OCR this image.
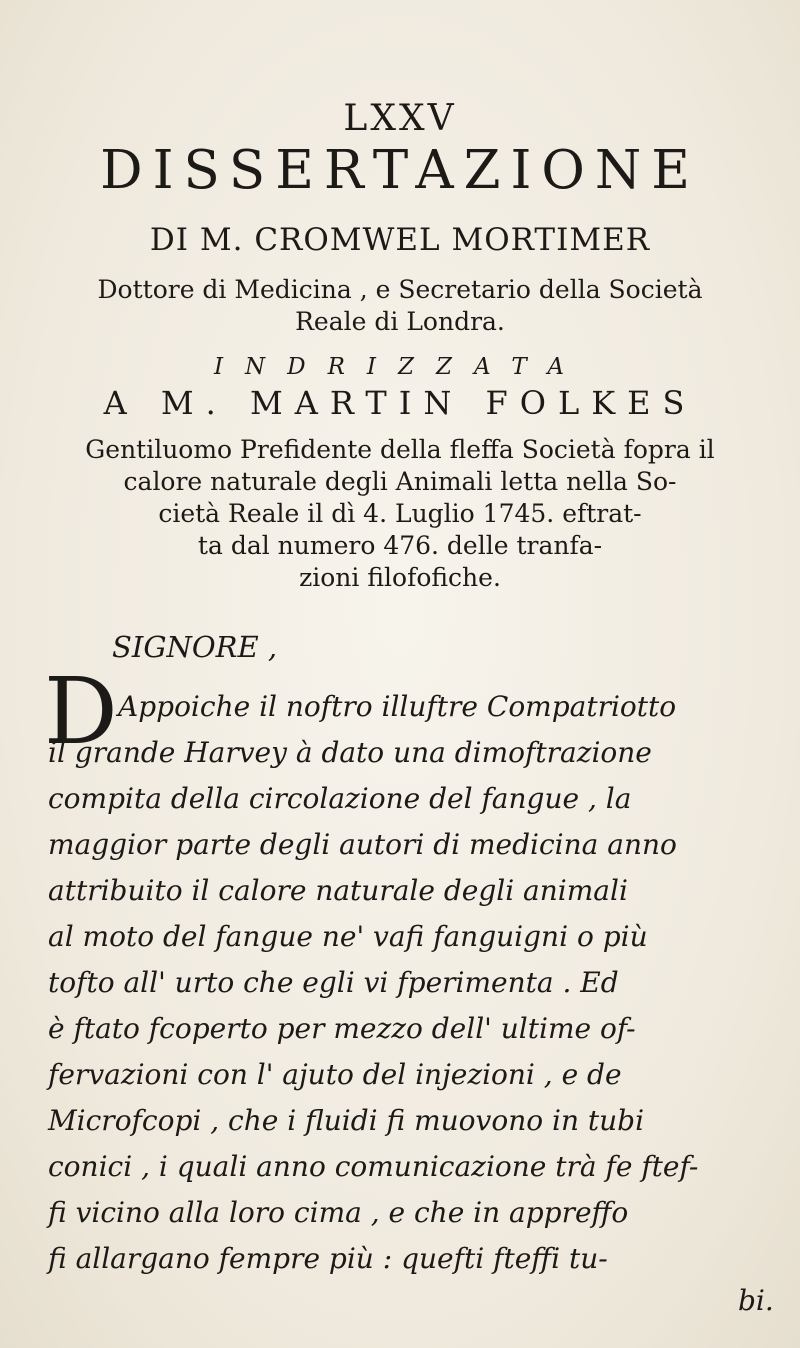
LXXV
DISSERTAZIONE
DI M. CROMWEL MORTIMER
Dottore di Medicina , e Secretario della Società
Reale di Londra.
INDRIZZATA
A M. MARTIN FOLKES
Gentiluomo Prefidente della fleffa Società fopra il
calore naturale degli Animali letta nella So-
cietà Reale il dì 4. Luglio 1745. eftrat-
ta dal numero 476. delle tranfa-
zioni filofofiche.
SIGNORE ,
D Appoiche il noftro illuftre Compatriotto
il grande Harvey à dato una dimoftrazione
compita della circolazione del fangue , la
maggior parte degli autori di medicina anno
attribuito il calore naturale degli animali
al moto del fangue ne' vafi fanguigni o più
tofto all' urto che egli vi fperimenta . Ed
è ftato fcoperto per mezzo dell' ultime of-
fervazioni con l' ajuto del injezioni , e de
Microfcopi , che i fluidi fi muovono in tubi
conici , i quali anno comunicazione trà fe ftef-
fi vicino alla loro cima , e che in appreffo
fi allargano fempre più : quefti fteffi tu-
bi.
